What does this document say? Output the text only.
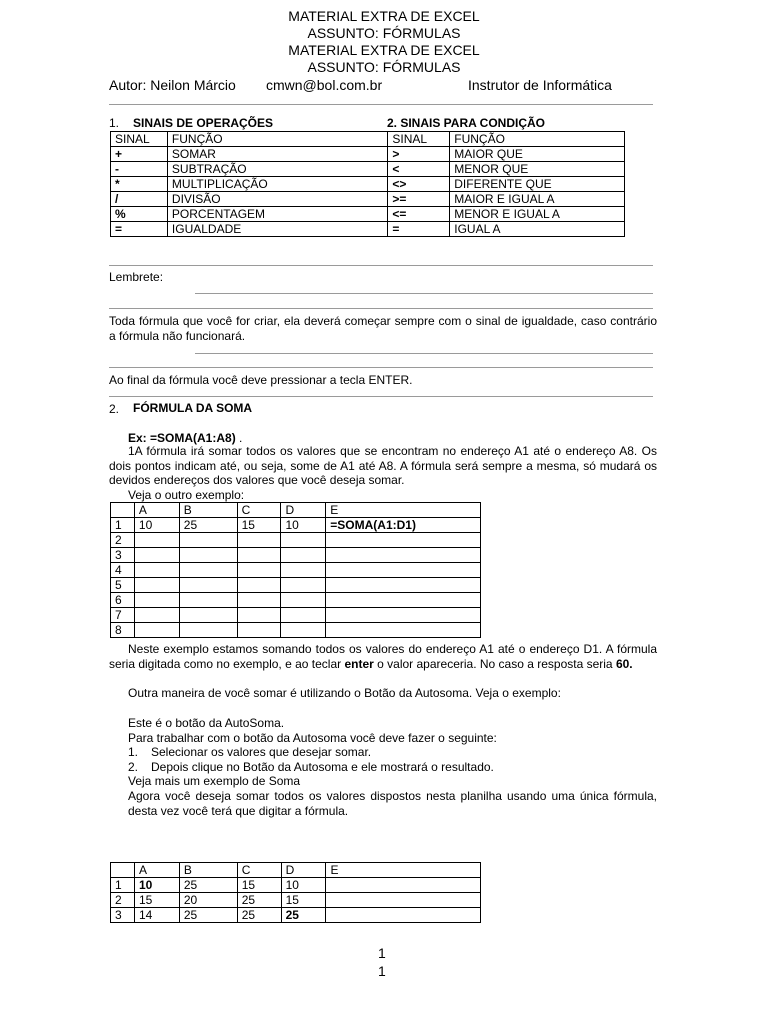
MATERIAL EXTRA DE EXCEL
ASSUNTO: FÓRMULAS
MATERIAL EXTRA DE EXCEL
ASSUNTO: FÓRMULAS
Autor: Neilon Márcio cmwn@bol.com.br	Instrutor de Informática
1. SINAIS DE OPERAÇÕES	2. SINAIS PARA CONDIÇÃO
SINAL	FUNÇÃO	SINAL	FUNÇÃO
+	SOMAR	>	MAIOR QUE
-	SUBTRAÇÃO	<	MENOR QUE
*	MULTIPLICAÇÃO	<>	DIFERENTE QUE
/	DIVISÃO	>=	MAIOR E IGUAL A
%	PORCENTAGEM	<=	MENOR E IGUAL A
=	IGUALDADE	=	IGUAL A
Lembrete:
Toda fórmula que você for criar, ela deverá começar sempre com o sinal de igualdade, caso contrário a fórmula não funcionará.
Ao final da fórmula você deve pressionar a tecla ENTER.
2. FÓRMULA DA SOMA
Ex: =SOMA(A1:A8) .
1A fórmula irá somar todos os valores que se encontram no endereço A1 até o endereço A8. Os dois pontos indicam até, ou seja, some de A1 até A8. A fórmula será sempre a mesma, só mudará os devidos endereços dos valores que você deseja somar.
Veja o outro exemplo:
	A	B	C	D	E
1	10	25	15	10	=SOMA(A1:D1)
2					
3					
4					
5					
6					
7					
8					
Neste exemplo estamos somando todos os valores do endereço A1 até o endereço D1. A fórmula seria digitada como no exemplo, e ao teclar enter o valor apareceria. No caso a resposta seria 60.
Outra maneira de você somar é utilizando o Botão da Autosoma. Veja o exemplo:
Este é o botão da AutoSoma.
Para trabalhar com o botão da Autosoma você deve fazer o seguinte:
1. Selecionar os valores que desejar somar.
2. Depois clique no Botão da Autosoma e ele mostrará o resultado.
Veja mais um exemplo de Soma
Agora você deseja somar todos os valores dispostos nesta planilha usando uma única fórmula, desta vez você terá que digitar a fórmula.
	A	B	C	D	E
1	10	25	15	10	
2	15	20	25	15	
3	14	25	25	25	
1
1
